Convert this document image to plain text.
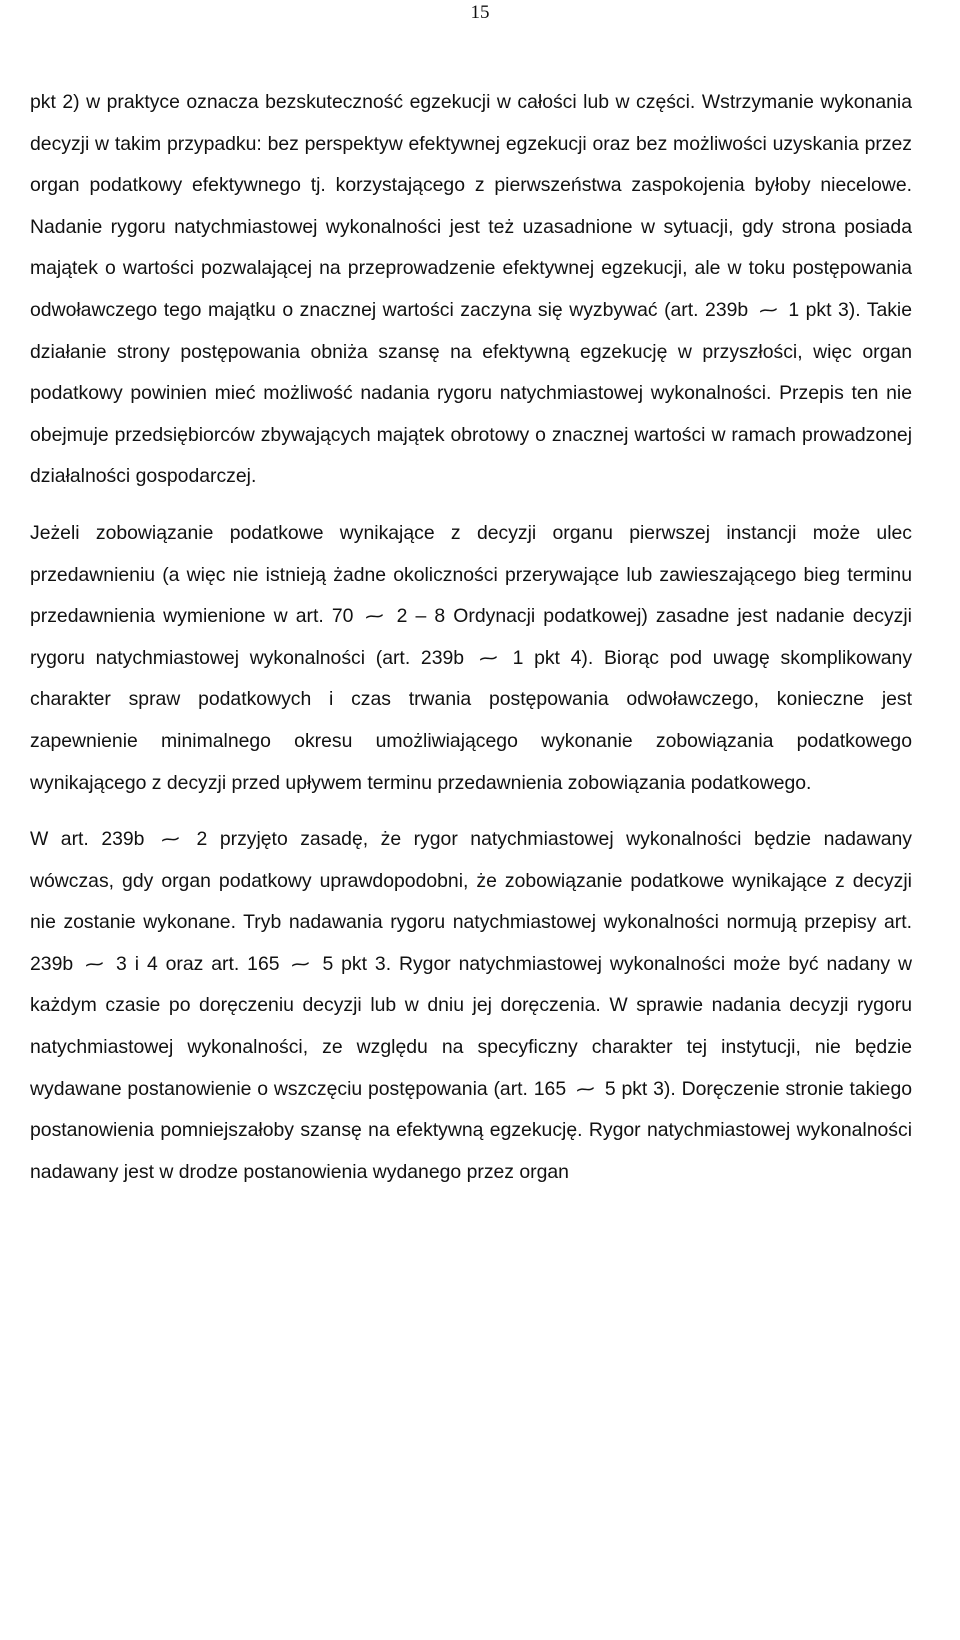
15

pkt 2) w praktyce oznacza bezskuteczność egzekucji w całości lub w części. Wstrzymanie wykonania decyzji w takim przypadku: bez perspektyw efektywnej egzekucji oraz bez możliwości uzyskania przez organ podatkowy efektywnego tj. korzystającego z pierwszeństwa zaspokojenia byłoby niecelowe. Nadanie rygoru natychmiastowej wykonalności jest też uzasadnione w sytuacji, gdy strona posiada majątek o wartości pozwalającej na przeprowadzenie efektywnej egzekucji, ale w toku postępowania odwoławczego tego majątku o znacznej wartości zaczyna się wyzbywać (art. 239b ~ 1 pkt 3). Takie działanie strony postępowania obniża szansę na efektywną egzekucję w przyszłości, więc organ podatkowy powinien mieć możliwość nadania rygoru natychmiastowej wykonalności. Przepis ten nie obejmuje przedsiębiorców zbywających majątek obrotowy o znacznej wartości w ramach prowadzonej działalności gospodarczej.

Jeżeli zobowiązanie podatkowe wynikające z decyzji organu pierwszej instancji może ulec przedawnieniu (a więc nie istnieją żadne okoliczności przerywające lub zawieszającego bieg terminu przedawnienia wymienione w art. 70 ~ 2 – 8 Ordynacji podatkowej) zasadne jest nadanie decyzji rygoru natychmiastowej wykonalności (art. 239b ~ 1 pkt 4). Biorąc pod uwagę skomplikowany charakter spraw podatkowych i czas trwania postępowania odwoławczego, konieczne jest zapewnienie minimalnego okresu umożliwiającego wykonanie zobowiązania podatkowego wynikającego z decyzji przed upływem terminu przedawnienia zobowiązania podatkowego.

W art. 239b ~ 2 przyjęto zasadę, że rygor natychmiastowej wykonalności będzie nadawany wówczas, gdy organ podatkowy uprawdopodobni, że zobowiązanie podatkowe wynikające z decyzji nie zostanie wykonane. Tryb nadawania rygoru natychmiastowej wykonalności normują przepisy art. 239b ~ 3 i 4 oraz art. 165 ~ 5 pkt 3. Rygor natychmiastowej wykonalności może być nadany w każdym czasie po doręczeniu decyzji lub w dniu jej doręczenia. W sprawie nadania decyzji rygoru natychmiastowej wykonalności, ze względu na specyficzny charakter tej instytucji, nie będzie wydawane postanowienie o wszczęciu postępowania (art. 165 ~ 5 pkt 3). Doręczenie stronie takiego postanowienia pomniejszałoby szansę na efektywną egzekucję. Rygor natychmiastowej wykonalności nadawany jest w drodze postanowienia wydanego przez organ
